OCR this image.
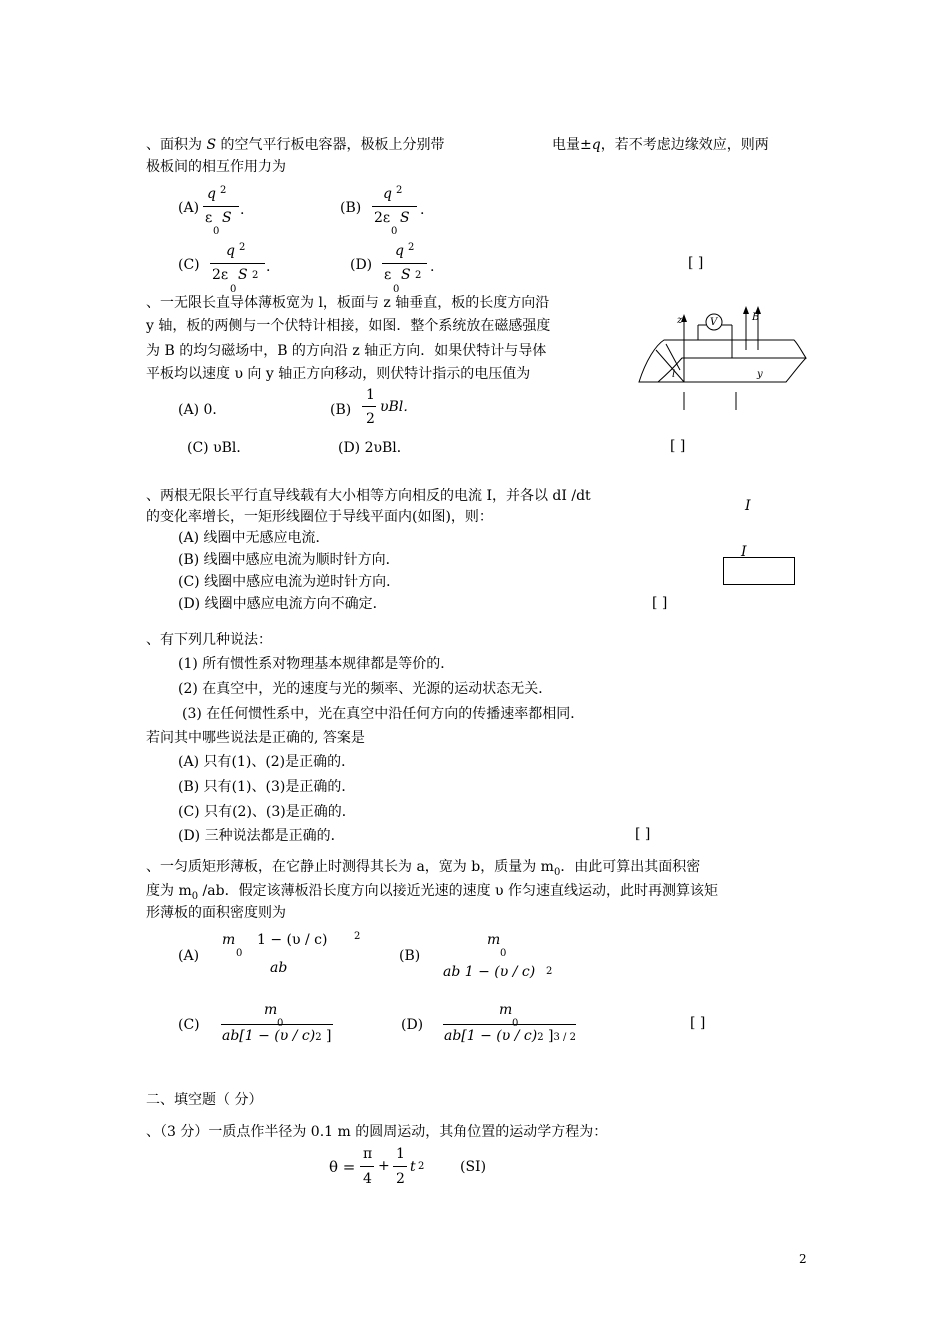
、面积为 S 的空气平行板电容器，极板上分别带	电量±q，若不考虑边缘效应，则两
极板间的相互作用力为
(A)
q 2
ε S
0
.	(B)
q 2
2ε S
0
.
(C)
q 2
2ε S 2
0
.	(D)
q 2
ε S 2
0
.	[ ]
、一无限长直导体薄板宽为 l，板面与 z 轴垂直，板的长度方向沿
y 轴，板的两侧与一个伏特计相接，如图．整个系统放在磁感强度
为 B 的均匀磁场中，B 的方向沿 z 轴正方向．如果伏特计与导体
平板均以速度 υ 向 y 轴正方向移动，则伏特计指示的电压值为
z	V	B
l	y
(A) 0．	(B)
1
2
υBl．
(C) υBl．	(D) 2υBl．	[ ]
、两根无限长平行直导线载有大小相等方向相反的电流 I，并各以 dI /dt
的变化率增长，一矩形线圈位于导线平面内(如图)，则：
(A) 线圈中无感应电流．
(B) 线圈中感应电流为顺时针方向．
(C) 线圈中感应电流为逆时针方向．
(D) 线圈中感应电流方向不确定．	[ ]
I
I
、有下列几种说法：
(1) 所有惯性系对物理基本规律都是等价的．
(2) 在真空中，光的速度与光的频率、光源的运动状态无关．
(3) 在任何惯性系中，光在真空中沿任何方向的传播速率都相同．
若问其中哪些说法是正确的, 答案是
(A) 只有(1)、(2)是正确的．
(B) 只有(1)、(3)是正确的．
(C) 只有(2)、(3)是正确的．
(D) 三种说法都是正确的．	[ ]
、一匀质矩形薄板，在它静止时测得其长为 a，宽为 b，质量为 $m_0$．由此可算出其面积密
度为 $m_0$ /ab．假定该薄板沿长度方向以接近光速的速度 υ 作匀速直线运动，此时再测算该矩
形薄板的面积密度则为
(A)
m
0
1 − (υ / c)	2
ab
(B)
m
0
ab 1 − (υ / c) 2
(C)
m
ab[1 − (υ / c)2 ]
(D)
m
ab[1 − (υ / c)2 ]3 / 2
[ ]
二、填空题（ 分）
、（3 分）一质点作半径为 0.1 m 的圆周运动，其角位置的运动学方程为：
θ =
π
4
+
1
2
t 2	(SI)
2
